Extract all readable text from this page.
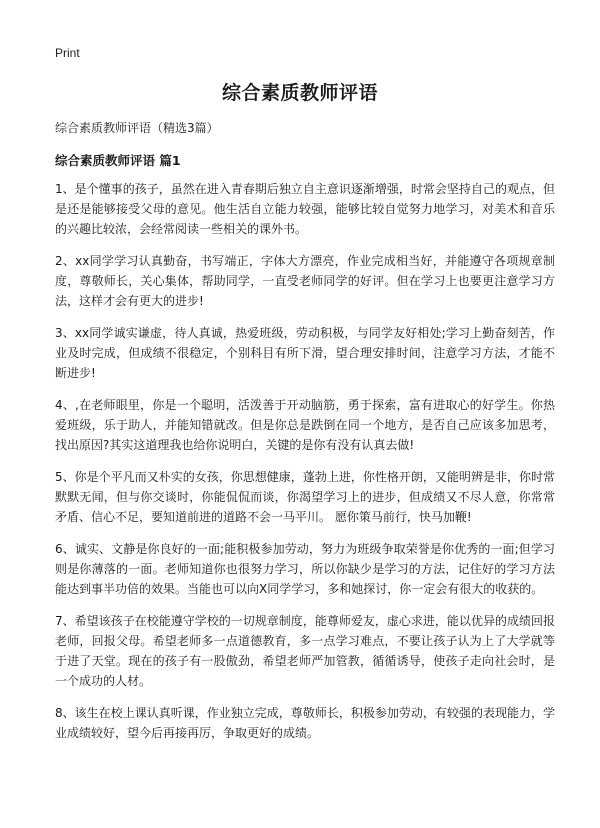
Print
综合素质教师评语

综合素质教师评语（精选3篇）

综合素质教师评语 篇1

1、是个懂事的孩子，虽然在进入青春期后独立自主意识逐渐增强，时常会坚持自己的观点，但是还是能够接受父母的意见。他生活自立能力较强，能够比较自觉努力地学习，对美术和音乐的兴趣比较浓，会经常阅读一些相关的课外书。

2、xx同学学习认真勤奋，书写端正，字体大方漂亮，作业完成相当好，并能遵守各项规章制度，尊敬师长，关心集体，帮助同学，一直受老师同学的好评。但在学习上也要更注意学习方法，这样才会有更大的进步!

3、xx同学诚实谦虚，待人真诚，热爱班级，劳动积极，与同学友好相处;学习上勤奋刻苦，作业及时完成，但成绩不很稳定，个别科目有所下滑，望合理安排时间，注意学习方法，才能不断进步!

4、,在老师眼里，你是一个聪明，活泼善于开动脑筋，勇于探索，富有进取心的好学生。你热爱班级，乐于助人，并能知错就改。但是你总是跌倒在同一个地方，是否自己应该多加思考，找出原因?其实这道理我也给你说明白，关键的是你有没有认真去做!

5、你是个平凡而又朴实的女孩，你思想健康，蓬勃上进，你性格开朗，又能明辨是非，你时常默默无闻，但与你交谈时，你能侃侃而谈，你渴望学习上的进步，但成绩又不尽人意，你常常矛盾、信心不足，要知道前进的道路不会一马平川。 愿你策马前行，快马加鞭!

6、诚实、文静是你良好的一面;能积极参加劳动，努力为班级争取荣誉是你优秀的一面;但学习则是你薄落的一面。老师知道你也很努力学习，所以你缺少是学习的方法，记住好的学习方法能达到事半功倍的效果。当能也可以向X同学学习，多和她探讨，你一定会有很大的收获的。

7、希望该孩子在校能遵守学校的一切规章制度，能尊师爱友，虚心求进，能以优异的成绩回报老师，回报父母。希望老师多一点道德教育，多一点学习难点，不要让孩子认为上了大学就等于进了天堂。现在的孩子有一股傲劲，希望老师严加管教，循循诱导，使孩子走向社会时，是一个成功的人材。

8、该生在校上课认真听课，作业独立完成，尊敬师长，积极参加劳动，有较强的表现能力，学业成绩较好，望今后再接再厉，争取更好的成绩。
